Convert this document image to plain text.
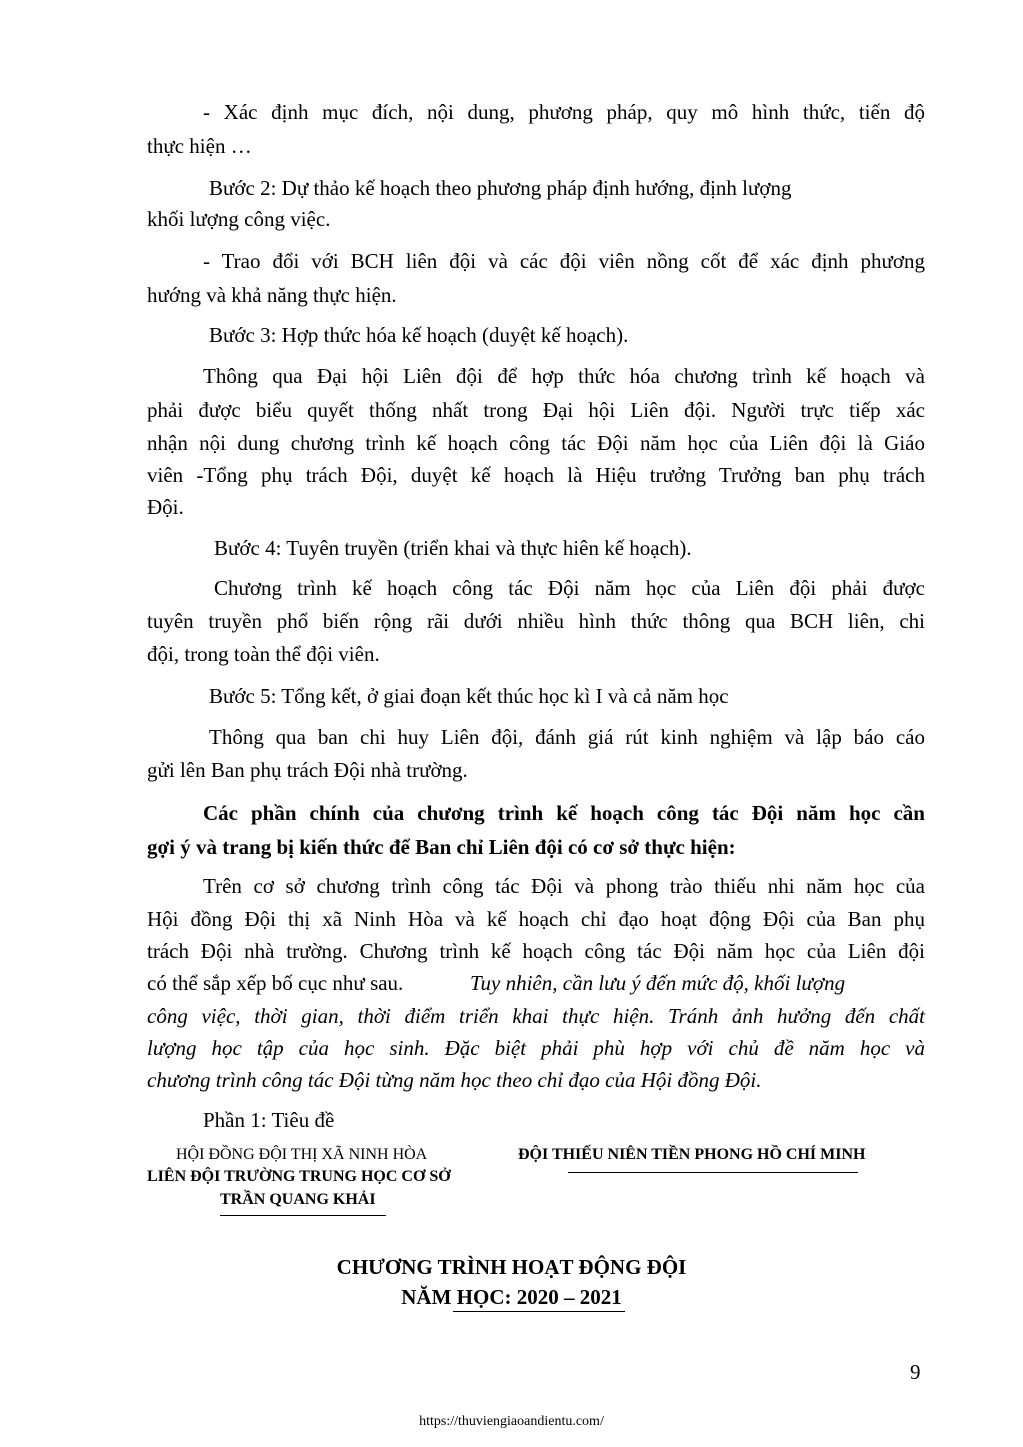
- Xác định mục đích, nội dung, phương pháp, quy mô hình thức, tiến độ
thực hiện …
Bước 2: Dự thảo kế hoạch theo phương pháp định hướng, định lượng
khối lượng công việc.
- Trao đổi với BCH liên đội và các đội viên nồng cốt để xác định phương
hướng và khả năng thực hiện.
Bước 3: Hợp thức hóa kế hoạch (duyệt kế hoạch).
Thông qua Đại hội Liên đội để hợp thức hóa chương trình kế hoạch và
phải được biểu quyết thống nhất trong Đại hội Liên đội. Người trực tiếp xác
nhận nội dung chương trình kế hoạch công tác Đội năm học của Liên đội là Giáo
viên -Tổng phụ trách Đội, duyệt kế hoạch là Hiệu trưởng Trưởng ban phụ trách
Đội.
Bước 4: Tuyên truyền (triển khai và thực hiên kế hoạch).
Chương trình kế hoạch công tác Đội năm học của Liên đội phải được
tuyên truyền phổ biến rộng rãi dưới nhiều hình thức thông qua BCH liên, chi
đội, trong toàn thể đội viên.
Bước 5: Tổng kết, ở giai đoạn kết thúc học kì I và cả năm học
Thông qua ban chi huy Liên đội, đánh giá rút kinh nghiệm và lập báo cáo
gửi lên Ban phụ trách Đội nhà trường.
Các phần chính của chương trình kế hoạch công tác Đội năm học cần
gợi ý và trang bị kiến thức để Ban chỉ Liên đội có cơ sở thực hiện:
Trên cơ sở chương trình công tác Đội và phong trào thiếu nhi năm học của
Hội đồng Đội thị xã Ninh Hòa và kế hoạch chỉ đạo hoạt động Đội của Ban phụ
trách Đội nhà trường. Chương trình kế hoạch công tác Đội năm học của Liên đội
có thể sắp xếp bố cục như sau.	Tuy nhiên, cần lưu ý đến mức độ, khối lượng
công việc, thời gian, thời điểm triển khai thực hiện. Tránh ảnh hưởng đến chất
lượng học tập của học sinh. Đặc biệt phải phù hợp với chủ đề năm học và
chương trình công tác Đội từng năm học theo chỉ đạo của Hội đồng Đội.
Phần 1: Tiêu đề
HỘI ĐỒNG ĐỘI THỊ XÃ NINH HÒA
LIÊN ĐỘI TRƯỜNG TRUNG HỌC CƠ SỞ
TRẦN QUANG KHẢI
ĐỘI THIẾU NIÊN TIỀN PHONG HỒ CHÍ MINH
CHƯƠNG TRÌNH HOẠT ĐỘNG ĐỘI
NĂM HỌC: 2020 – 2021
9
https://thuviengiaoandientu.com/
